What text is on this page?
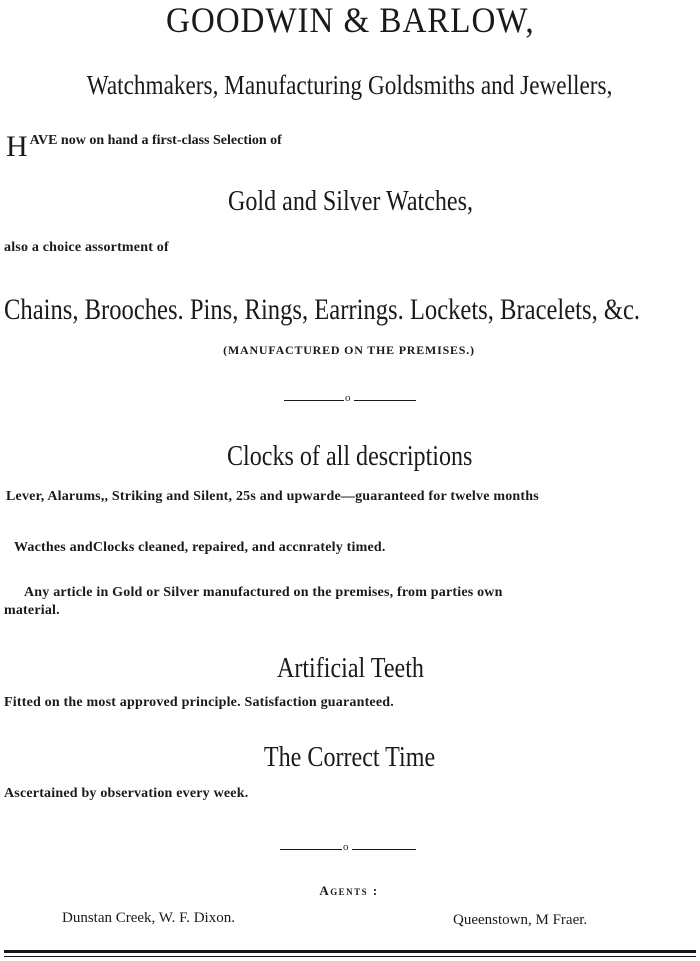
GOODWIN & BARLOW,
Watchmakers, Manufacturing Goldsmiths and Jewellers,
HAVE now on hand a first-class Selection of
Gold and Silver Watches,
also a choice assortment of
Chains, Brooches. Pins, Rings, Earrings. Lockets, Bracelets, &c.
(MANUFACTURED ON THE PREMISES.)
o
Clocks of all descriptions
Lever, Alarums,, Striking and Silent, 25s and upwarde—guaranteed for twelve months
Wacthes andClocks cleaned, repaired, and accnrately timed.
Any article in Gold or Silver manufactured on the premises, from parties own
material.
Artificial Teeth
Fitted on the most approved principle. Satisfaction guaranteed.
The Correct Time
Ascertained by observation every week.
o
Agents :
Dunstan Creek, W. F. Dixon.	Queenstown, M Fraer.
